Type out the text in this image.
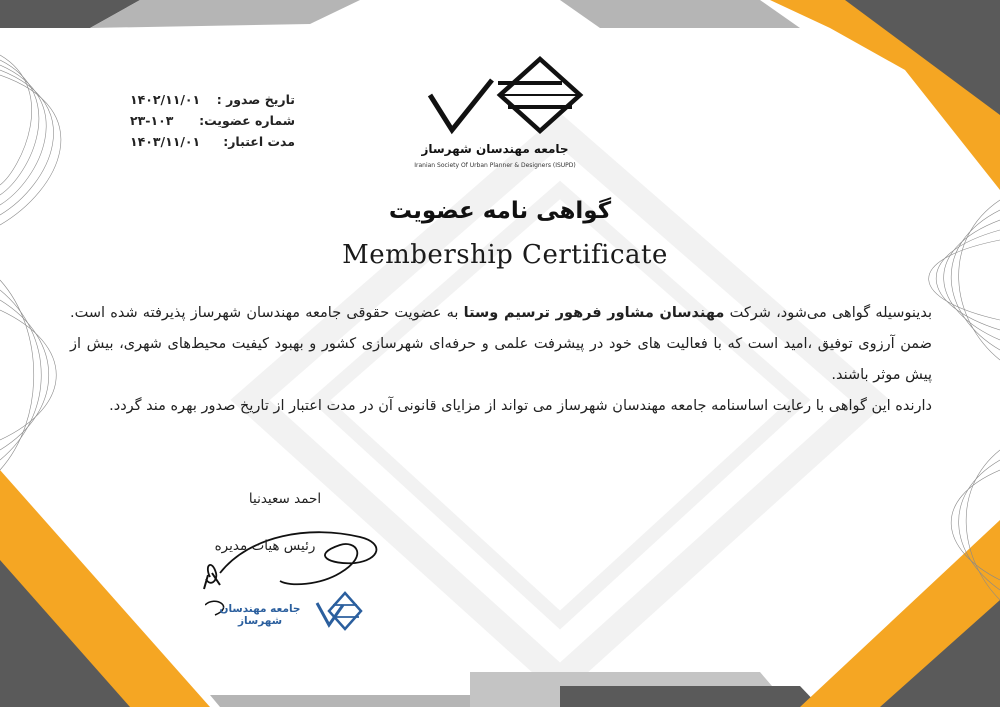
تاریخ صدور :
۱۴۰۲/۱۱/۰۱
شماره عضویت:
۲۳-۱۰۳
مدت اعتبار:
۱۴۰۳/۱۱/۰۱	جامعه مهندسان شهرساز
Iranian Society Of Urban Planner & Designers (ISUPD)
گواهی نامه عضویت
Membership Certificate

بدینوسیله گواهی می‌شود، شرکت مهندسان مشاور فرهور ترسیم وستا به عضویت حقوقی جامعه مهندسان شهرساز پذیرفته شده است. ضمن آرزوی توفیق ،امید است که با فعالیت های خود در پیشرفت علمی و حرفه‌ای شهرسازی کشور و بهبود کیفیت محیط‌های شهری، بیش از پیش موثر باشند.

دارنده این گواهی با رعایت اساسنامه جامعه مهندسان شهرساز می تواند از مزایای قانونی آن در مدت اعتبار از تاریخ صدور بهره مند گردد.

احمد سعیدنیا
رئیس هیات مدیره
جامعه مهندسان شهرساز
